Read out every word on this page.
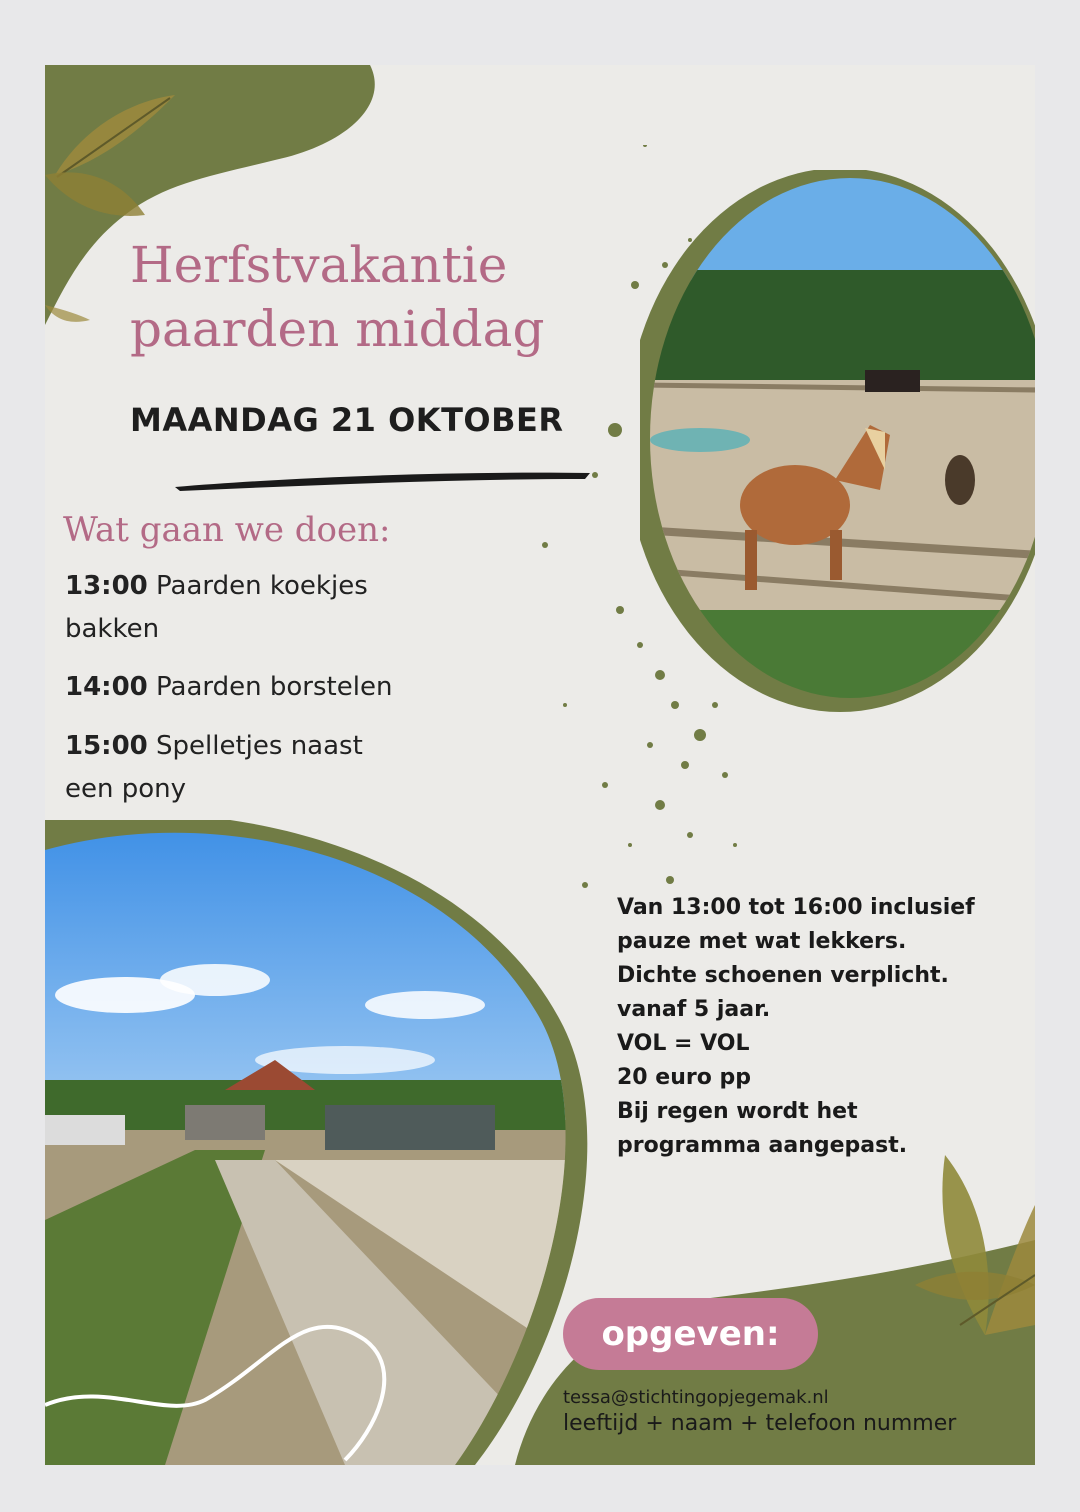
Herfstvakantie
paarden middag
MAANDAG 21 OKTOBER
Wat gaan we doen:
13:00 Paarden koekjes
bakken
14:00 Paarden borstelen
15:00 Spelletjes naast
een pony
Van 13:00 tot 16:00 inclusief
pauze met wat lekkers.
Dichte schoenen verplicht.
vanaf 5 jaar.
VOL = VOL
20 euro pp
Bij regen wordt het
programma aangepast.
opgeven:
tessa@stichtingopjegemak.nl
leeftijd + naam + telefoon nummer
